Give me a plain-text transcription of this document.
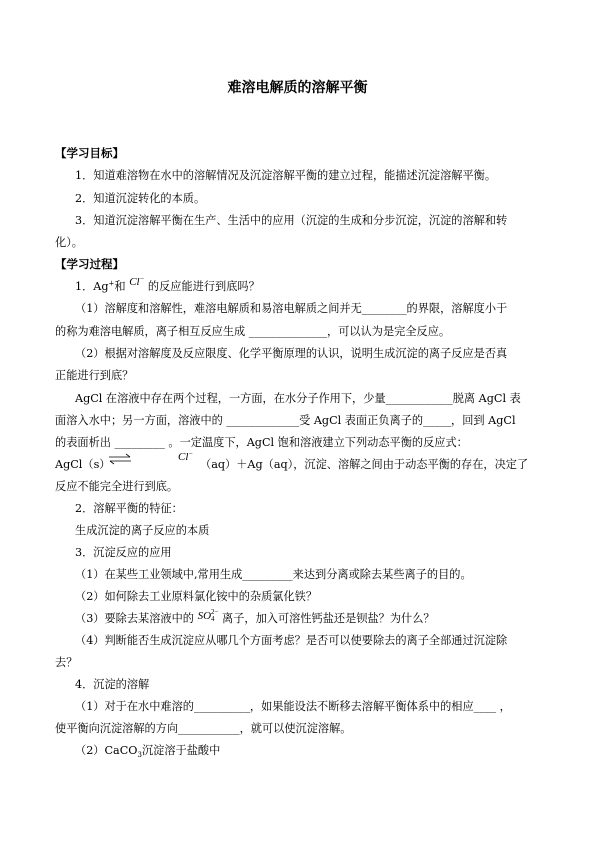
难溶电解质的溶解平衡
【学习目标】
1．知道难溶物在水中的溶解情况及沉淀溶解平衡的建立过程，能描述沉淀溶解平衡。
2．知道沉淀转化的本质。
3．知道沉淀溶解平衡在生产、生活中的应用（沉淀的生成和分步沉淀，沉淀的溶解和转
化）。
【学习过程】
1．Ag+和 Cl− 的反应能进行到底吗？
（1）溶解度和溶解性，难溶电解质和易溶电解质之间并无________的界限，溶解度小于
的称为难溶电解质，离子相互反应生成 ______________，可以认为是完全反应。
（2）根据对溶解度及反应限度、化学平衡原理的认识，说明生成沉淀的离子反应是否真
正能进行到底？
AgCl 在溶液中存在两个过程，一方面，在水分子作用下，少量____________脱离 AgCl 表
面溶入水中；另一方面，溶液中的 _____________受 AgCl 表面正负离子的_____，回到 AgCl
的表面析出 _________ 。一定温度下，AgCl 饱和溶液建立下列动态平衡的反应式：
AgCl（s）
Cl−
（aq）＋Ag（aq），沉淀、溶解之间由于动态平衡的存在，决定了
反应不能完全进行到底。
2．溶解平衡的特征：
生成沉淀的离子反应的本质
3．沉淀反应的应用
（1）在某些工业领域中,常用生成_________来达到分离或除去某些离子的目的。
（2）如何除去工业原料氯化铵中的杂质氯化铁？
（3）要除去某溶液中的 SO 2−
4 离子，加入可溶性钙盐还是钡盐？为什么？
（4）判断能否生成沉淀应从哪几个方面考虑？是否可以使要除去的离子全部通过沉淀除
去？
4．沉淀的溶解
（1）对于在水中难溶的__________，如果能设法不断移去溶解平衡体系中的相应____ ，
使平衡向沉淀溶解的方向___________，就可以使沉淀溶解。
（2）CaCO$_3$沉淀溶于盐酸中
